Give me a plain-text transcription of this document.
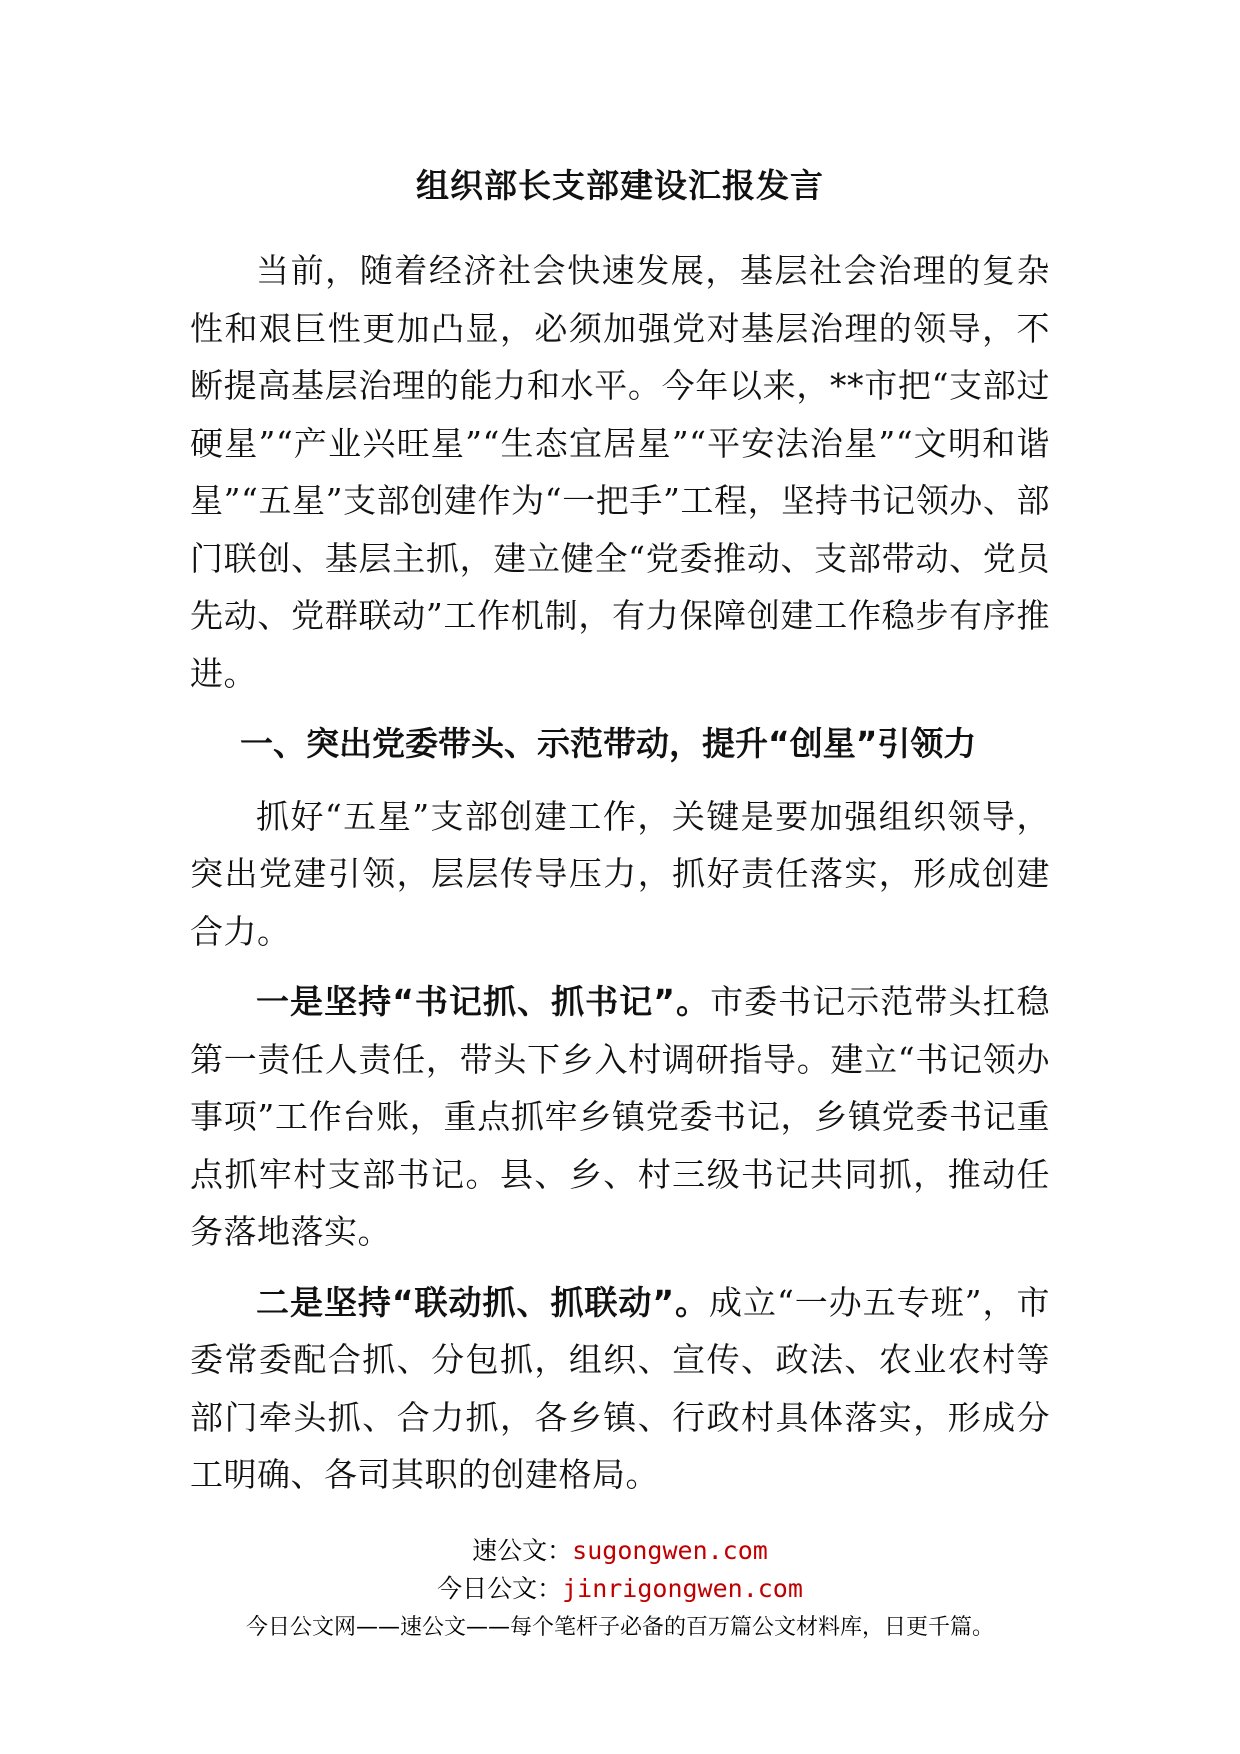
组织部长支部建设汇报发言

当前，随着经济社会快速发展，基层社会治理的复杂性和艰巨性更加凸显，必须加强党对基层治理的领导，不断提高基层治理的能力和水平。今年以来，**市把“支部过硬星”“产业兴旺星”“生态宜居星”“平安法治星”“文明和谐星”“五星”支部创建作为“一把手”工程，坚持书记领办、部门联创、基层主抓，建立健全“党委推动、支部带动、党员先动、党群联动”工作机制，有力保障创建工作稳步有序推进。

一、突出党委带头、示范带动，提升“创星”引领力

抓好“五星”支部创建工作，关键是要加强组织领导，突出党建引领，层层传导压力，抓好责任落实，形成创建合力。

一是坚持“书记抓、抓书记”。市委书记示范带头扛稳第一责任人责任，带头下乡入村调研指导。建立“书记领办事项”工作台账，重点抓牢乡镇党委书记，乡镇党委书记重点抓牢村支部书记。县、乡、村三级书记共同抓，推动任务落地落实。

二是坚持“联动抓、抓联动”。成立“一办五专班”，市委常委配合抓、分包抓，组织、宣传、政法、农业农村等部门牵头抓、合力抓，各乡镇、行政村具体落实，形成分工明确、各司其职的创建格局。

速公文：sugongwen.com
今日公文：jinrigongwen.com
今日公文网——速公文——每个笔杆子必备的百万篇公文材料库，日更千篇。
